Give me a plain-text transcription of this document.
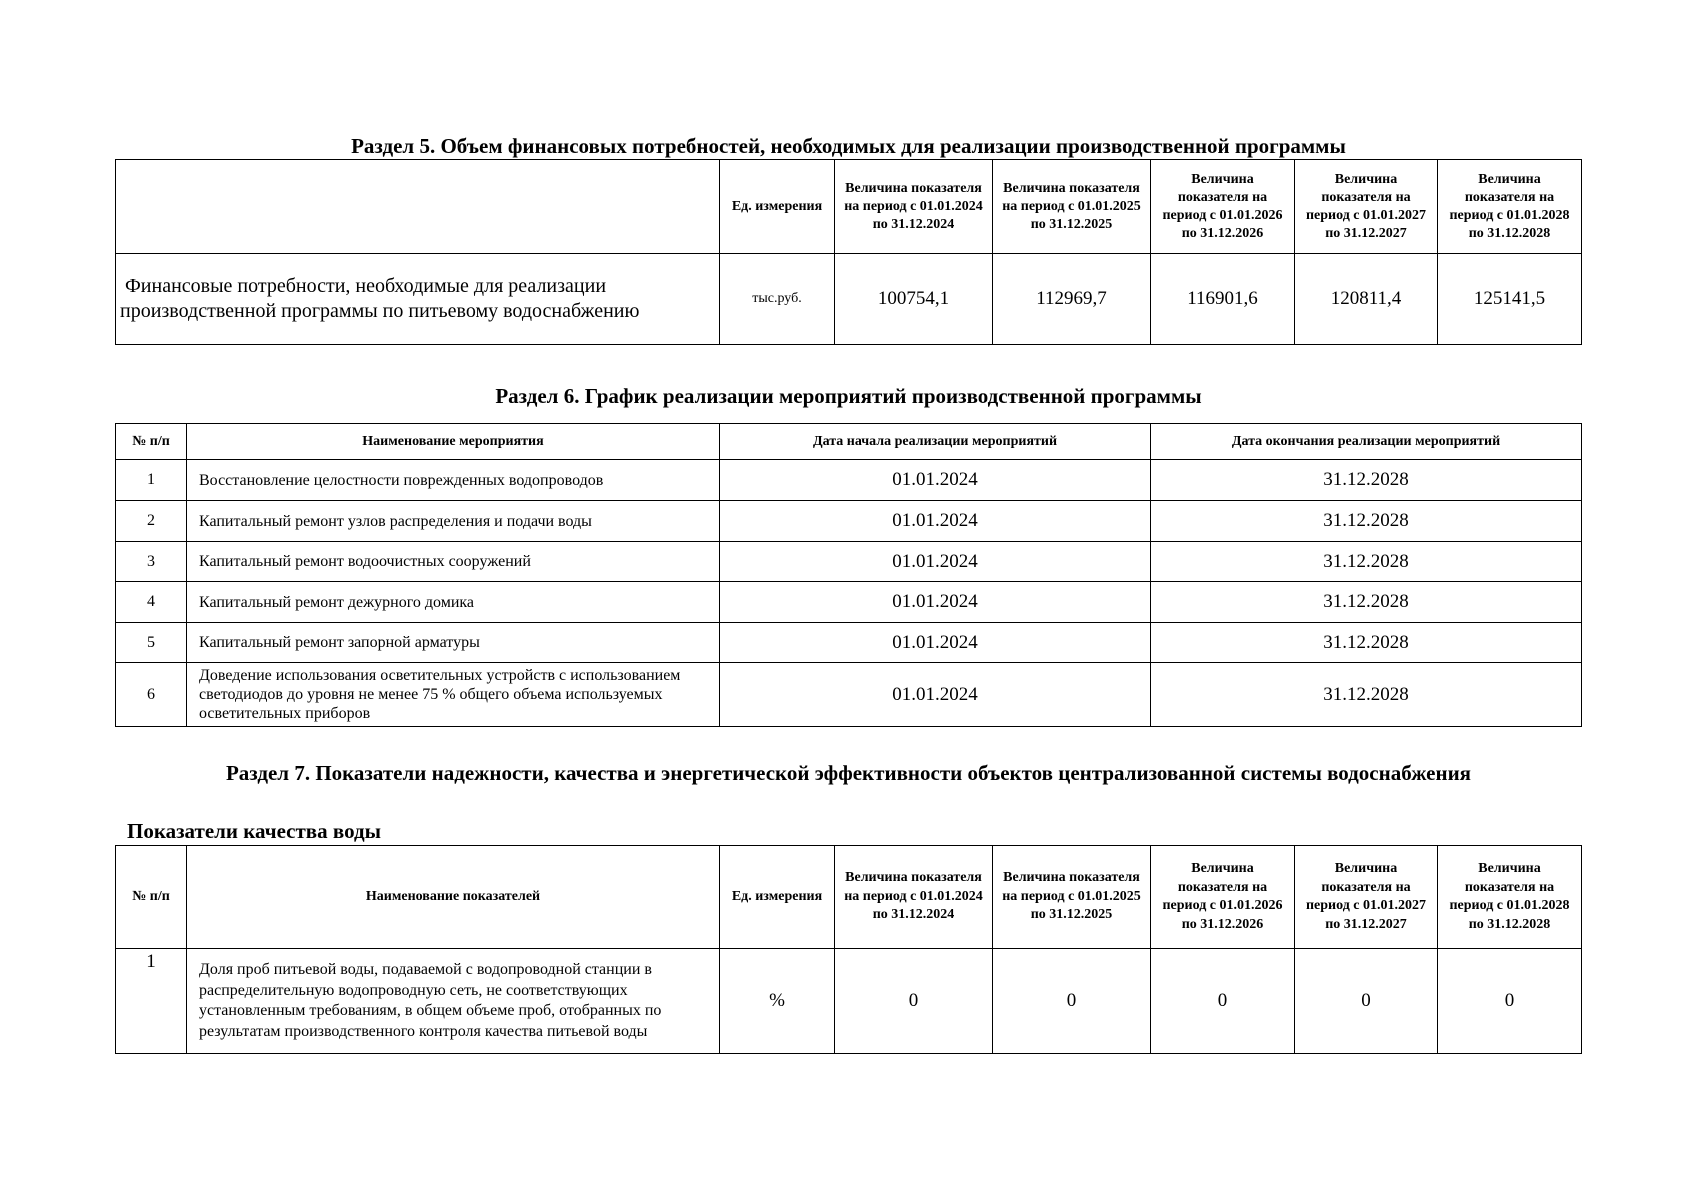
Раздел 5. Объем финансовых потребностей, необходимых для реализации производственной программы
	Ед. измерения	Величина показателя на период с 01.01.2024 по 31.12.2024	Величина показателя на период с 01.01.2025 по 31.12.2025	Величина показателя на период с 01.01.2026 по 31.12.2026	Величина показателя на период с 01.01.2027 по 31.12.2027	Величина показателя на период с 01.01.2028 по 31.12.2028
Финансовые потребности, необходимые для реализации производственной программы по питьевому водоснабжению	тыс.руб.	100754,1	112969,7	116901,6	120811,4	125141,5
Раздел 6. График реализации мероприятий производственной программы
№ п/п	Наименование мероприятия	Дата начала реализации мероприятий	Дата окончания реализации мероприятий
1	Восстановление целостности поврежденных водопроводов	01.01.2024	31.12.2028
2	Капитальный ремонт узлов распределения и подачи воды	01.01.2024	31.12.2028
3	Капитальный ремонт водоочистных сооружений	01.01.2024	31.12.2028
4	Капитальный ремонт дежурного домика	01.01.2024	31.12.2028
5	Капитальный ремонт запорной арматуры	01.01.2024	31.12.2028
6	Доведение использования осветительных устройств с использованием светодиодов до уровня не менее 75 % общего объема используемых осветительных приборов	01.01.2024	31.12.2028
Раздел 7. Показатели надежности, качества и энергетической эффективности объектов централизованной системы водоснабжения
Показатели качества воды
№ п/п	Наименование показателей	Ед. измерения	Величина показателя на период с 01.01.2024 по 31.12.2024	Величина показателя на период с 01.01.2025 по 31.12.2025	Величина показателя на период с 01.01.2026 по 31.12.2026	Величина показателя на период с 01.01.2027 по 31.12.2027	Величина показателя на период с 01.01.2028 по 31.12.2028
1	Доля проб питьевой воды, подаваемой с водопроводной станции в распределительную водопроводную сеть, не соответствующих установленным требованиям, в общем объеме проб, отобранных по результатам производственного контроля качества питьевой воды	%	0	0	0	0	0
